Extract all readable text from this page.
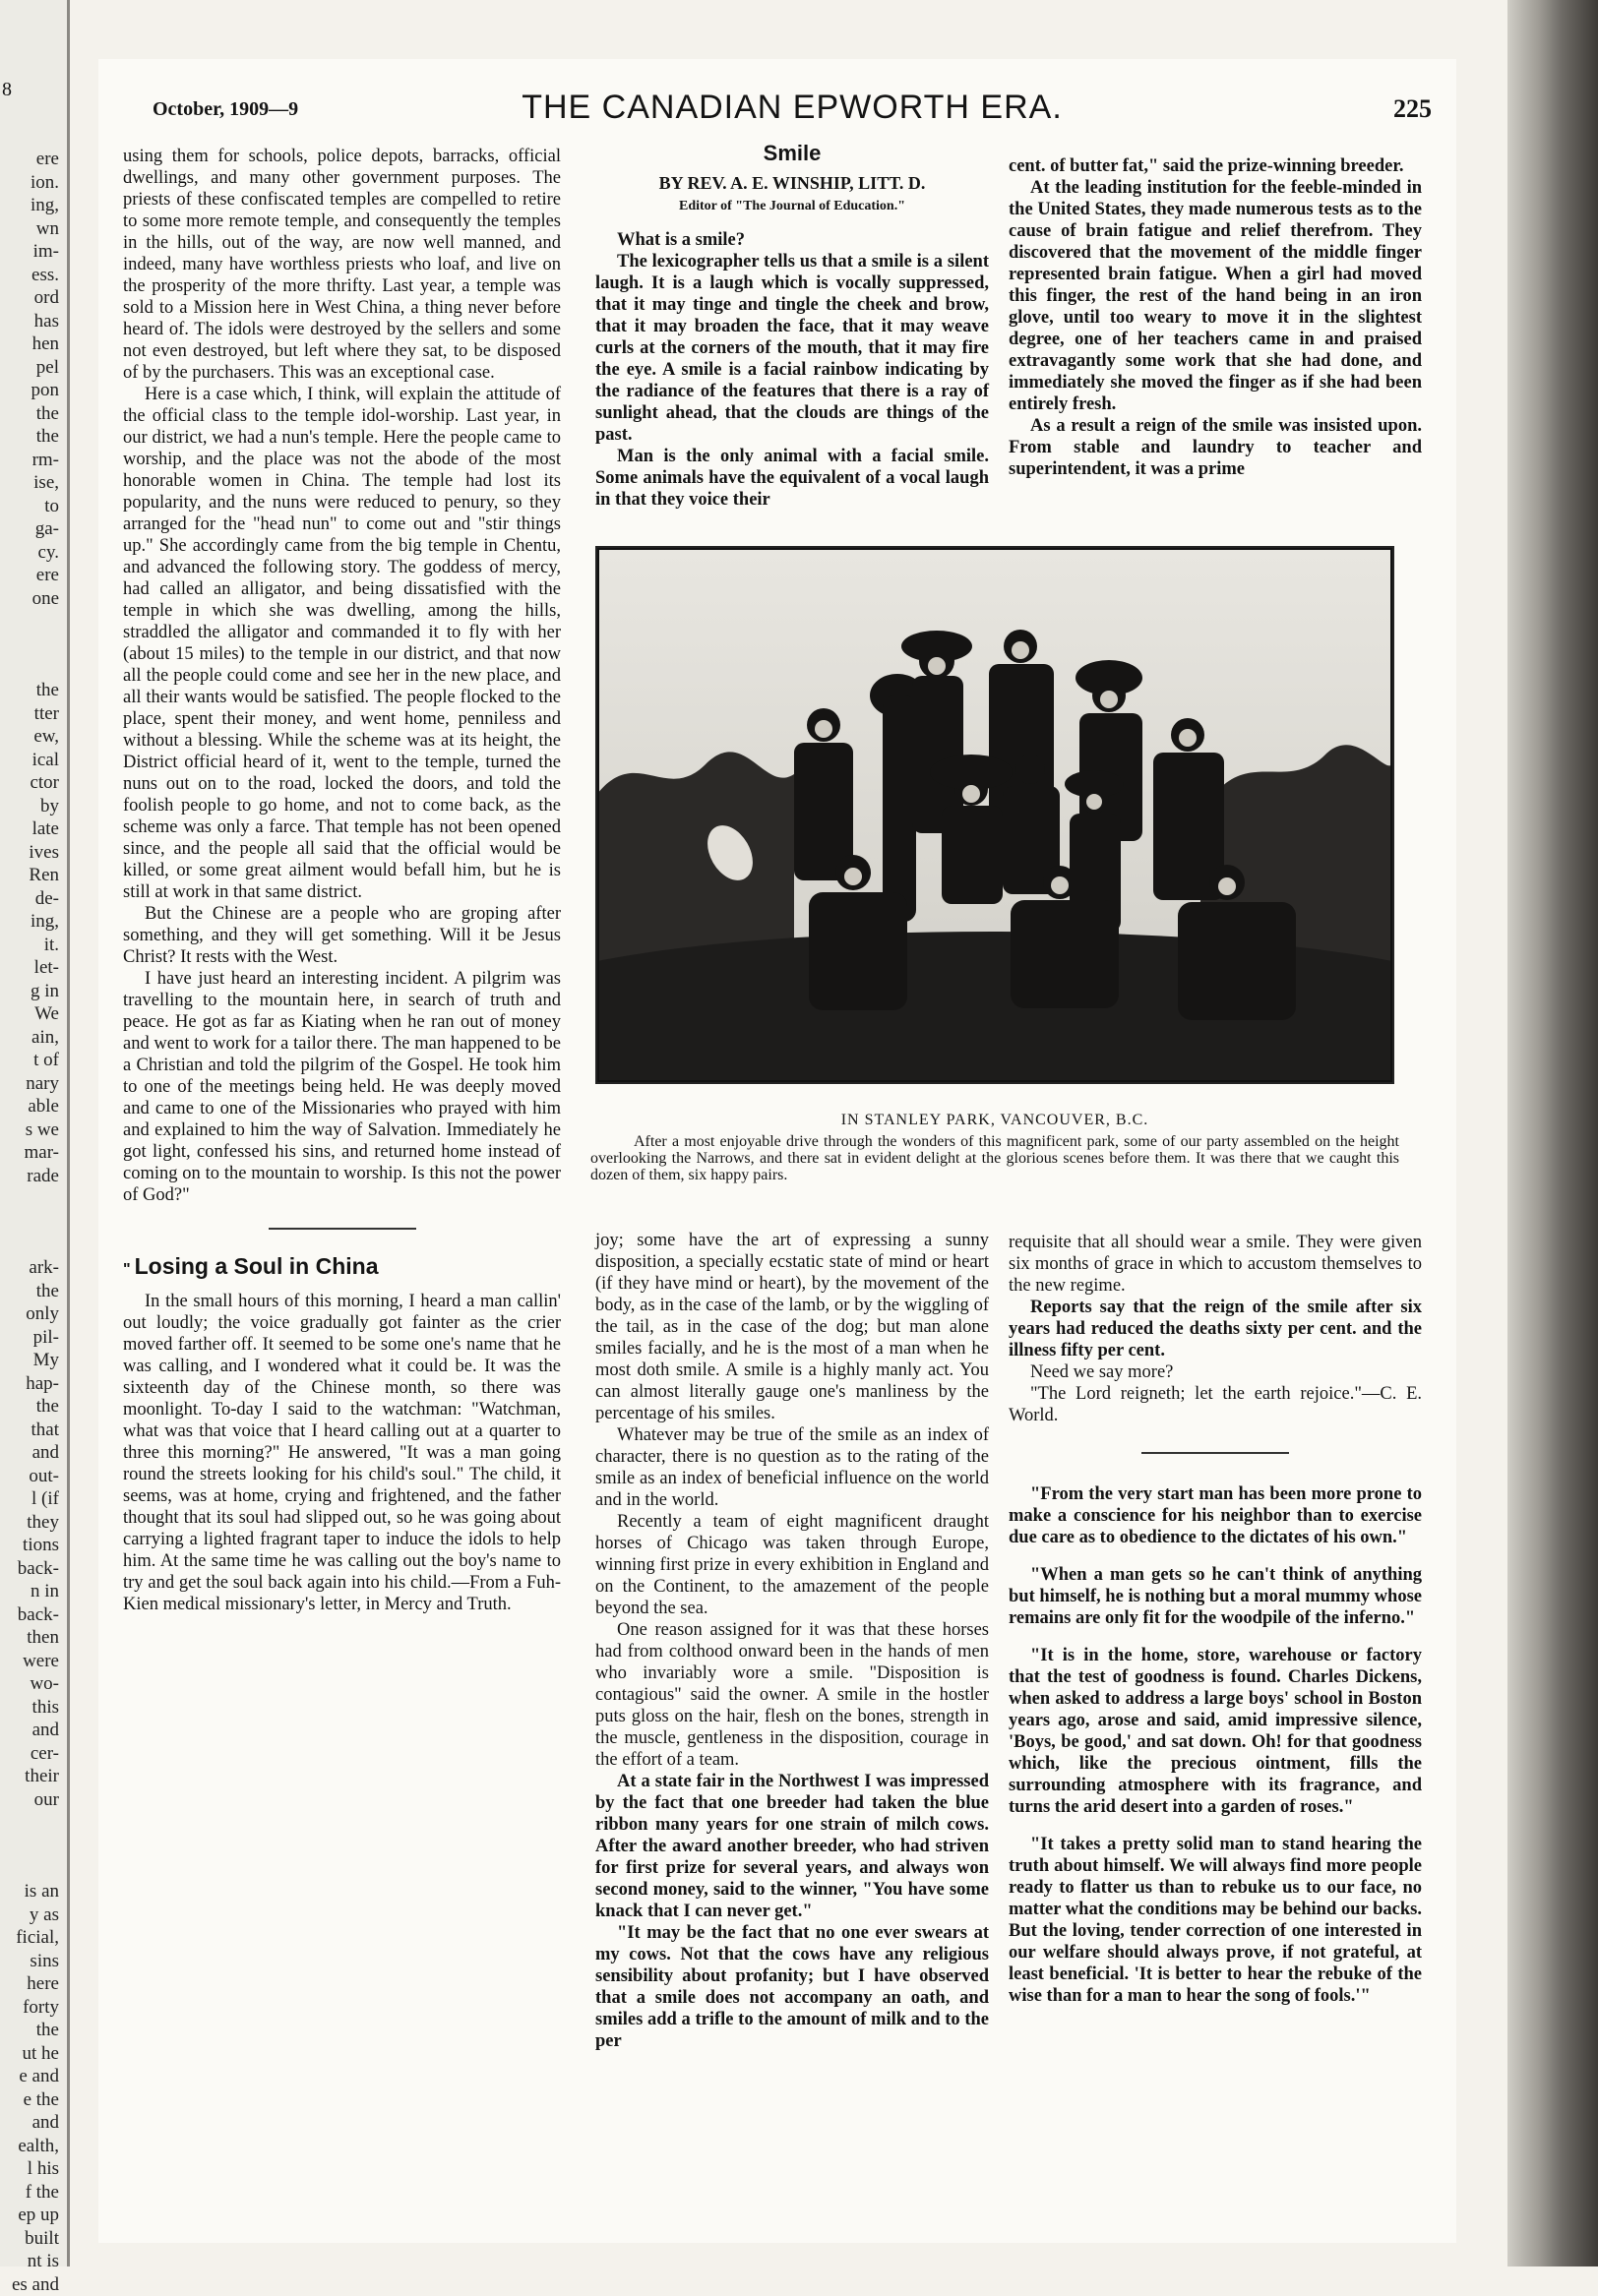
8
ere
ion.
ing,
wn
im-
ess.
ord
has
hen
pel
pon
the
the
rm-
ise,
to
ga-
cy.
ere
one
the
tter
ew,
ical
ctor
by
late
ives
Ren
de-
ing,
it.
let-
g in
We
ain,
t of
nary
able
s we
mar-
rade
ark-
the
only
pil-
My
hap-
the
that
and
out-
l (if
they
tions
back-
n in
back-
then
were
wo-
this
and
cer-
their
our
is an
y as
ficial,
sins
here
forty
the
ut he
e and
e the
and
ealth,
l his
f the
ep up
built
nt is
es and
October, 1909—9	THE CANADIAN EPWORTH ERA.	225

using them for schools, police depots, barracks, official dwellings, and many other government purposes. The priests of these confiscated temples are compelled to retire to some more remote temple, and consequently the temples in the hills, out of the way, are now well manned, and indeed, many have worthless priests who loaf, and live on the prosperity of the more thrifty. Last year, a temple was sold to a Mission here in West China, a thing never before heard of. The idols were destroyed by the sellers and some not even destroyed, but left where they sat, to be disposed of by the purchasers. This was an exceptional case.

Here is a case which, I think, will explain the attitude of the official class to the temple idol-worship. Last year, in our district, we had a nun's temple. Here the people came to worship, and the place was not the abode of the most honorable women in China. The temple had lost its popularity, and the nuns were reduced to penury, so they arranged for the "head nun" to come out and "stir things up." She accordingly came from the big temple in Chentu, and advanced the following story. The goddess of mercy, had called an alligator, and being dissatisfied with the temple in which she was dwelling, among the hills, straddled the alligator and commanded it to fly with her (about 15 miles) to the temple in our district, and that now all the people could come and see her in the new place, and all their wants would be satisfied. The people flocked to the place, spent their money, and went home, penniless and without a blessing. While the scheme was at its height, the District official heard of it, went to the temple, turned the nuns out on to the road, locked the doors, and told the foolish people to go home, and not to come back, as the scheme was only a farce. That temple has not been opened since, and the people all said that the official would be killed, or some great ailment would befall him, but he is still at work in that same district.

But the Chinese are a people who are groping after something, and they will get something. Will it be Jesus Christ? It rests with the West.

I have just heard an interesting incident. A pilgrim was travelling to the mountain here, in search of truth and peace. He got as far as Kiating when he ran out of money and went to work for a tailor there. The man happened to be a Christian and told the pilgrim of the Gospel. He took him to one of the meetings being held. He was deeply moved and came to one of the Missionaries who prayed with him and explained to him the way of Salvation. Immediately he got light, confessed his sins, and returned home instead of coming on to the mountain to worship. Is this not the power of God?"

" Losing a Soul in China

In the small hours of this morning, I heard a man callin' out loudly; the voice gradually got fainter as the crier moved farther off. It seemed to be some one's name that he was calling, and I wondered what it could be. It was the sixteenth day of the Chinese month, so there was moonlight. To-day I said to the watchman: "Watchman, what was that voice that I heard calling out at a quarter to three this morning?" He answered, "It was a man going round the streets looking for his child's soul." The child, it seems, was at home, crying and frightened, and the father thought that its soul had slipped out, so he was going about carrying a lighted fragrant taper to induce the idols to help him. At the same time he was calling out the boy's name to try and get the soul back again into his child.—From a Fuh-Kien medical missionary's letter, in Mercy and Truth.

Smile
BY REV. A. E. WINSHIP, LITT. D.
Editor of "The Journal of Education."

What is a smile?

The lexicographer tells us that a smile is a silent laugh. It is a laugh which is vocally suppressed, that it may tinge and tingle the cheek and brow, that it may broaden the face, that it may weave curls at the corners of the mouth, that it may fire the eye. A smile is a facial rainbow indicating by the radiance of the features that there is a ray of sunlight ahead, that the clouds are things of the past.

Man is the only animal with a facial smile. Some animals have the equivalent of a vocal laugh in that they voice their

cent. of butter fat," said the prize-winning breeder.

At the leading institution for the feeble-minded in the United States, they made numerous tests as to the cause of brain fatigue and relief therefrom. They discovered that the movement of the middle finger represented brain fatigue. When a girl had moved this finger, the rest of the hand being in an iron glove, until too weary to move it in the slightest degree, one of her teachers came in and praised extravagantly some work that she had done, and immediately she moved the finger as if she had been entirely fresh.

As a result a reign of the smile was insisted upon. From stable and laundry to teacher and superintendent, it was a prime

IN STANLEY PARK, VANCOUVER, B.C.
After a most enjoyable drive through the wonders of this magnificent park, some of our party assembled on the height overlooking the Narrows, and there sat in evident delight at the glorious scenes before them. It was there that we caught this dozen of them, six happy pairs.

joy; some have the art of expressing a sunny disposition, a specially ecstatic state of mind or heart (if they have mind or heart), by the movement of the body, as in the case of the lamb, or by the wiggling of the tail, as in the case of the dog; but man alone smiles facially, and he is the most of a man when he most doth smile. A smile is a highly manly act. You can almost literally gauge one's manliness by the percentage of his smiles.

Whatever may be true of the smile as an index of character, there is no question as to the rating of the smile as an index of beneficial influence on the world and in the world.

Recently a team of eight magnificent draught horses of Chicago was taken through Europe, winning first prize in every exhibition in England and on the Continent, to the amazement of the people beyond the sea.

One reason assigned for it was that these horses had from colthood onward been in the hands of men who invariably wore a smile. "Disposition is contagious" said the owner. A smile in the hostler puts gloss on the hair, flesh on the bones, strength in the muscle, gentleness in the disposition, courage in the effort of a team.

At a state fair in the Northwest I was impressed by the fact that one breeder had taken the blue ribbon many years for one strain of milch cows. After the award another breeder, who had striven for first prize for several years, and always won second money, said to the winner, "You have some knack that I can never get."

"It may be the fact that no one ever swears at my cows. Not that the cows have any religious sensibility about profanity; but I have observed that a smile does not accompany an oath, and smiles add a trifle to the amount of milk and to the per

requisite that all should wear a smile. They were given six months of grace in which to accustom themselves to the new regime.

Reports say that the reign of the smile after six years had reduced the deaths sixty per cent. and the illness fifty per cent.

Need we say more?

"The Lord reigneth; let the earth rejoice."—C. E. World.

"From the very start man has been more prone to make a conscience for his neighbor than to exercise due care as to obedience to the dictates of his own."

"When a man gets so he can't think of anything but himself, he is nothing but a moral mummy whose remains are only fit for the woodpile of the inferno."

"It is in the home, store, warehouse or factory that the test of goodness is found. Charles Dickens, when asked to address a large boys' school in Boston years ago, arose and said, amid impressive silence, 'Boys, be good,' and sat down. Oh! for that goodness which, like the precious ointment, fills the surrounding atmosphere with its fragrance, and turns the arid desert into a garden of roses."

"It takes a pretty solid man to stand hearing the truth about himself. We will always find more people ready to flatter us than to rebuke us to our face, no matter what the conditions may be behind our backs. But the loving, tender correction of one interested in our welfare should always prove, if not grateful, at least beneficial. 'It is better to hear the rebuke of the wise than for a man to hear the song of fools.'"
